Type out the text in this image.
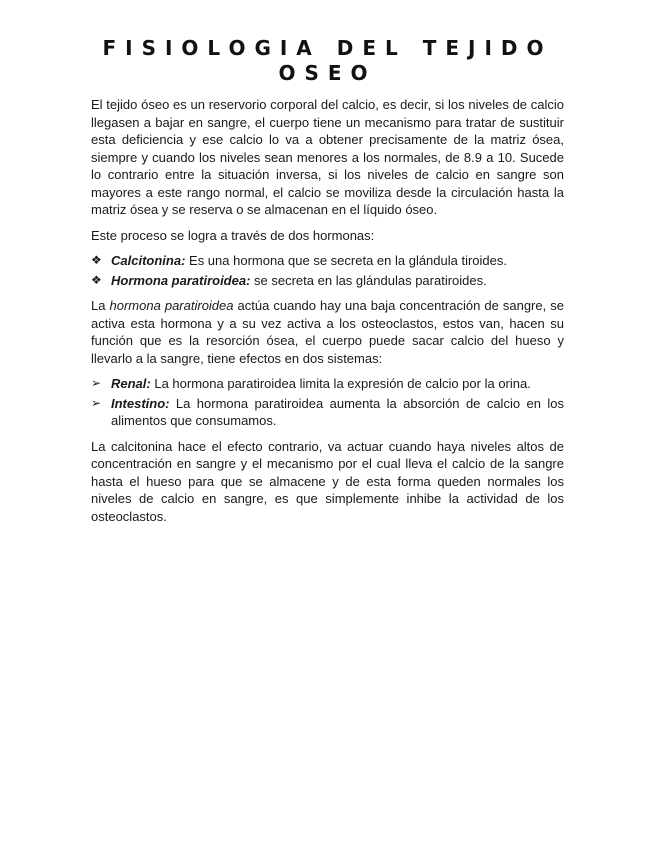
FISIOLOGIA DEL TEJIDO OSEO

El tejido óseo es un reservorio corporal del calcio, es decir, si los niveles de calcio llegasen a bajar en sangre, el cuerpo tiene un mecanismo para tratar de sustituir esta deficiencia y ese calcio lo va a obtener precisamente de la matriz ósea, siempre y cuando los niveles sean menores a los normales, de 8.9 a 10. Sucede lo contrario entre la situación inversa, si los niveles de calcio en sangre son mayores a este rango normal, el calcio se moviliza desde la circulación hasta la matriz ósea y se reserva o se almacenan en el líquido óseo.

Este proceso se logra a través de dos hormonas:

❖ Calcitonina: Es una hormona que se secreta en la glándula tiroides.
❖ Hormona paratiroidea: se secreta en las glándulas paratiroides.

La hormona paratiroidea actúa cuando hay una baja concentración de sangre, se activa esta hormona y a su vez activa a los osteoclastos, estos van, hacen su función que es la resorción ósea, el cuerpo puede sacar calcio del hueso y llevarlo a la sangre, tiene efectos en dos sistemas:

➢ Renal: La hormona paratiroidea limita la expresión de calcio por la orina.
➢ Intestino: La hormona paratiroidea aumenta la absorción de calcio en los alimentos que consumamos.

La calcitonina hace el efecto contrario, va actuar cuando haya niveles altos de concentración en sangre y el mecanismo por el cual lleva el calcio de la sangre hasta el hueso para que se almacene y de esta forma queden normales los niveles de calcio en sangre, es que simplemente inhibe la actividad de los osteoclastos.
